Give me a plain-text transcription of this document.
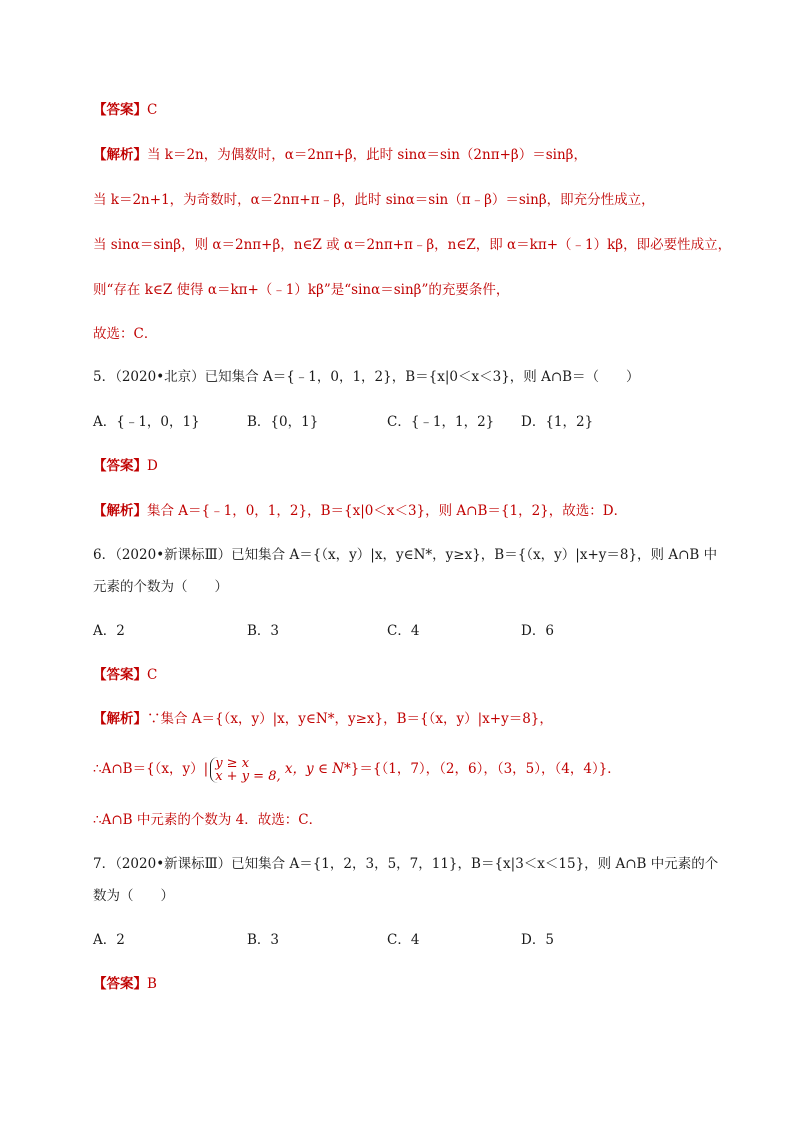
【答案】C
【解析】当 k＝2n，为偶数时，α＝2nπ+β，此时 sinα＝sin（2nπ+β）＝sinβ，
当 k＝2n+1，为奇数时，α＝2nπ+π﹣β，此时 sinα＝sin（π﹣β）＝sinβ，即充分性成立，
当 sinα＝sinβ，则 α＝2nπ+β，n∈Z 或 α＝2nπ+π﹣β，n∈Z，即 α＝kπ+（﹣1）kβ，即必要性成立，
则“存在 k∈Z 使得 α＝kπ+（﹣1）kβ”是“sinα＝sinβ”的充要条件，
故选：C．
5．（2020•北京）已知集合 A＝{﹣1，0，1，2}，B＝{x|0＜x＜3}，则 A∩B＝（　　）
A．{﹣1，0，1}	B．{0，1}	C．{﹣1，1，2} D．{1，2}
【答案】D
【解析】集合 A＝{﹣1，0，1，2}，B＝{x|0＜x＜3}，则 A∩B＝{1，2}，故选：D．
6．（2020•新课标Ⅲ）已知集合 A＝{（x，y）|x，y∈N*，y≥x}，B＝{（x，y）|x+y＝8}，则 A∩B 中
元素的个数为（　　）
A．2	B．3	C．4	D．6
【答案】C
【解析】∵集合 A＝{（x，y）|x，y∈N*，y≥x}，B＝{（x，y）|x+y＝8}，
∴A∩B＝{（x，y）| y ≥ x
x + y = 8, x，y ∈ N*}＝{（1，7），（2，6），（3，5），（4，4）}．
∴A∩B 中元素的个数为 4．故选：C．
7．（2020•新课标Ⅲ）已知集合 A＝{1，2，3，5，7，11}，B＝{x|3＜x＜15}，则 A∩B 中元素的个
数为（　　）
A．2	B．3	C．4	D．5
【答案】B
